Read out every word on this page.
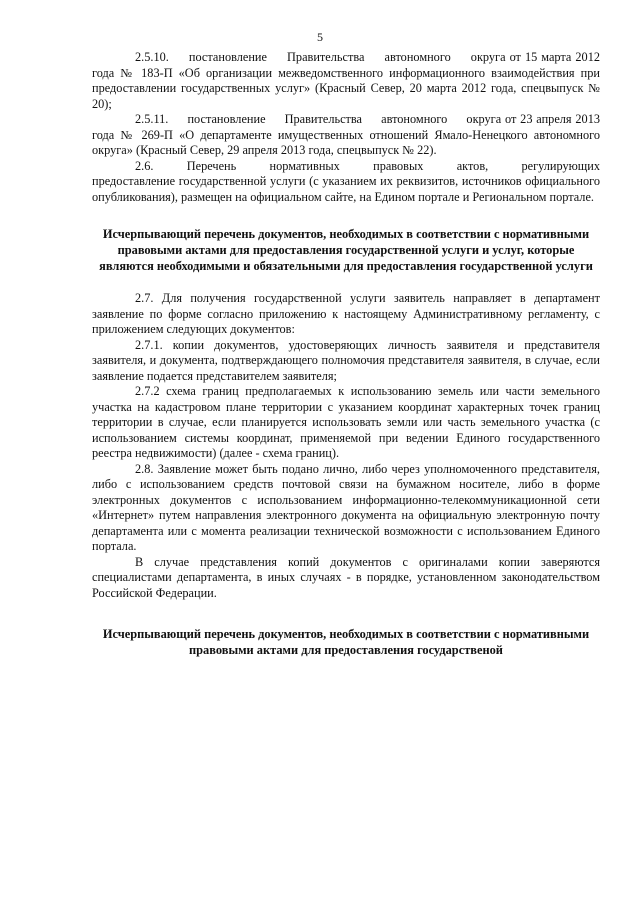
5

2.5.10.     постановление     Правительства     автономного     округа от 15 марта 2012 года № 183-П «Об организации межведомственного информационного взаимодействия при предоставлении государственных услуг» (Красный Север, 20 марта 2012 года, спецвыпуск № 20);

2.5.11.     постановление     Правительства     автономного     округа от 23 апреля 2013 года № 269-П «О департаменте имущественных отношений Ямало-Ненецкого автономного округа» (Красный Север, 29 апреля 2013 года, спецвыпуск № 22).

2.6.      Перечень      нормативных      правовых      актов,      регулирующих предоставление государственной услуги (с указанием их реквизитов, источников официального опубликования), размещен на официальном сайте, на Едином портале и Региональном портале.

Исчерпывающий перечень документов, необходимых в соответствии с нормативными правовыми актами для предоставления государственной услуги и услуг, которые являются необходимыми и обязательными для предоставления государственной услуги

2.7. Для получения государственной услуги заявитель направляет в департамент заявление по форме согласно приложению к настоящему Административному регламенту, с приложением следующих документов:

2.7.1. копии документов, удостоверяющих личность заявителя и представителя заявителя, и документа, подтверждающего полномочия представителя заявителя, в случае, если заявление подается представителем заявителя;

2.7.2 схема границ предполагаемых к использованию земель или части земельного участка на кадастровом плане территории с указанием координат характерных точек границ территории в случае, если планируется использовать земли или часть земельного участка (с использованием системы координат, применяемой при ведении Единого государственного реестра недвижимости) (далее - схема границ).

2.8. Заявление может быть подано лично, либо через уполномоченного представителя, либо с использованием средств почтовой связи на бумажном носителе, либо в форме электронных документов с использованием информационно-телекоммуникационной сети «Интернет» путем направления электронного документа на официальную электронную почту департамента или с момента реализации технической возможности с использованием Единого портала.

В случае представления копий документов с оригиналами копии заверяются специалистами департамента, в иных случаях - в порядке, установленном законодательством Российской Федерации.

Исчерпывающий перечень документов, необходимых в соответствии с нормативными правовыми актами для предоставления государственой
